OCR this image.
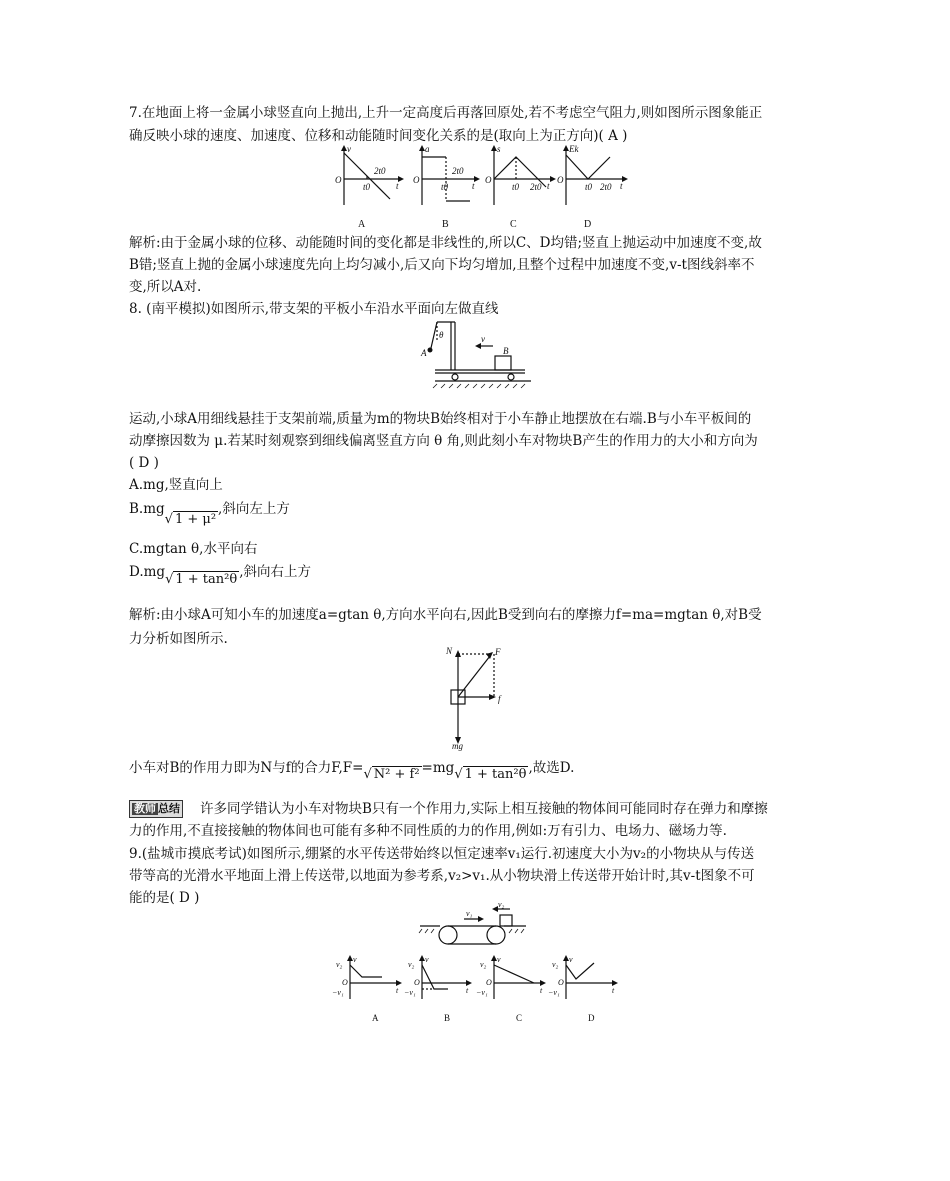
7.在地面上将一金属小球竖直向上抛出,上升一定高度后再落回原处,若不考虑空气阻力,则如图所示图象能正
确反映小球的速度、加速度、位移和动能随时间变化关系的是(取向上为正方向)( A )
v	a	s	Ek
O	O	O	O
t0
2t0
t	t0
2t0
t	t0 2t0 t	t0 2t0 t
A	B	C	D
解析:由于金属小球的位移、动能随时间的变化都是非线性的,所以C、D均错;竖直上抛运动中加速度不变,故
B错;竖直上抛的金属小球速度先向上均匀减小,后又向下均匀增加,且整个过程中加速度不变,v-t图线斜率不
变,所以A对.
8. (南平模拟)如图所示,带支架的平板小车沿水平面向左做直线
A
θ	v
B
运动,小球A用细线悬挂于支架前端,质量为m的物块B始终相对于小车静止地摆放在右端.B与小车平板间的
动摩擦因数为 μ.若某时刻观察到细线偏离竖直方向 θ 角,则此刻小车对物块B产生的作用力的大小和方向为
( D )
A.mg,竖直向上
B.mg√ 1 + μ²,斜向左上方
C.mgtan θ,水平向右
D.mg√ 1 + tan²θ ,斜向右上方
解析:由小球A可知小车的加速度a=gtan θ,方向水平向右,因此B受到向右的摩擦力f=ma=mgtan θ,对B受
力分析如图所示.
N	F
f
mg
小车对B的作用力即为N与f的合力F,F=√ N² + f² =mg√ 1 + tan²θ ,故选D.
教师 总结 许多同学错认为小车对物块B只有一个作用力,实际上相互接触的物体间可能同时存在弹力和摩擦
力的作用,不直接接触的物体间也可能有多种不同性质的力的作用,例如:万有引力、电场力、磁场力等.
9.(盐城市摸底考试)如图所示,绷紧的水平传送带始终以恒定速率v₁运行.初速度大小为v₂的小物块从与传送
带等高的光滑水平地面上滑上传送带,以地面为参考系,v₂>v₁.从小物块滑上传送带开始计时,其v-t图象不可
能的是( D )
v₁
v₂
v	v	v	v
v₂	v₂	v₂	v₂
O	O	O	O
−v₁	−v₁	−v₁	−v₁
t	t	t	t
A	B	C	D
